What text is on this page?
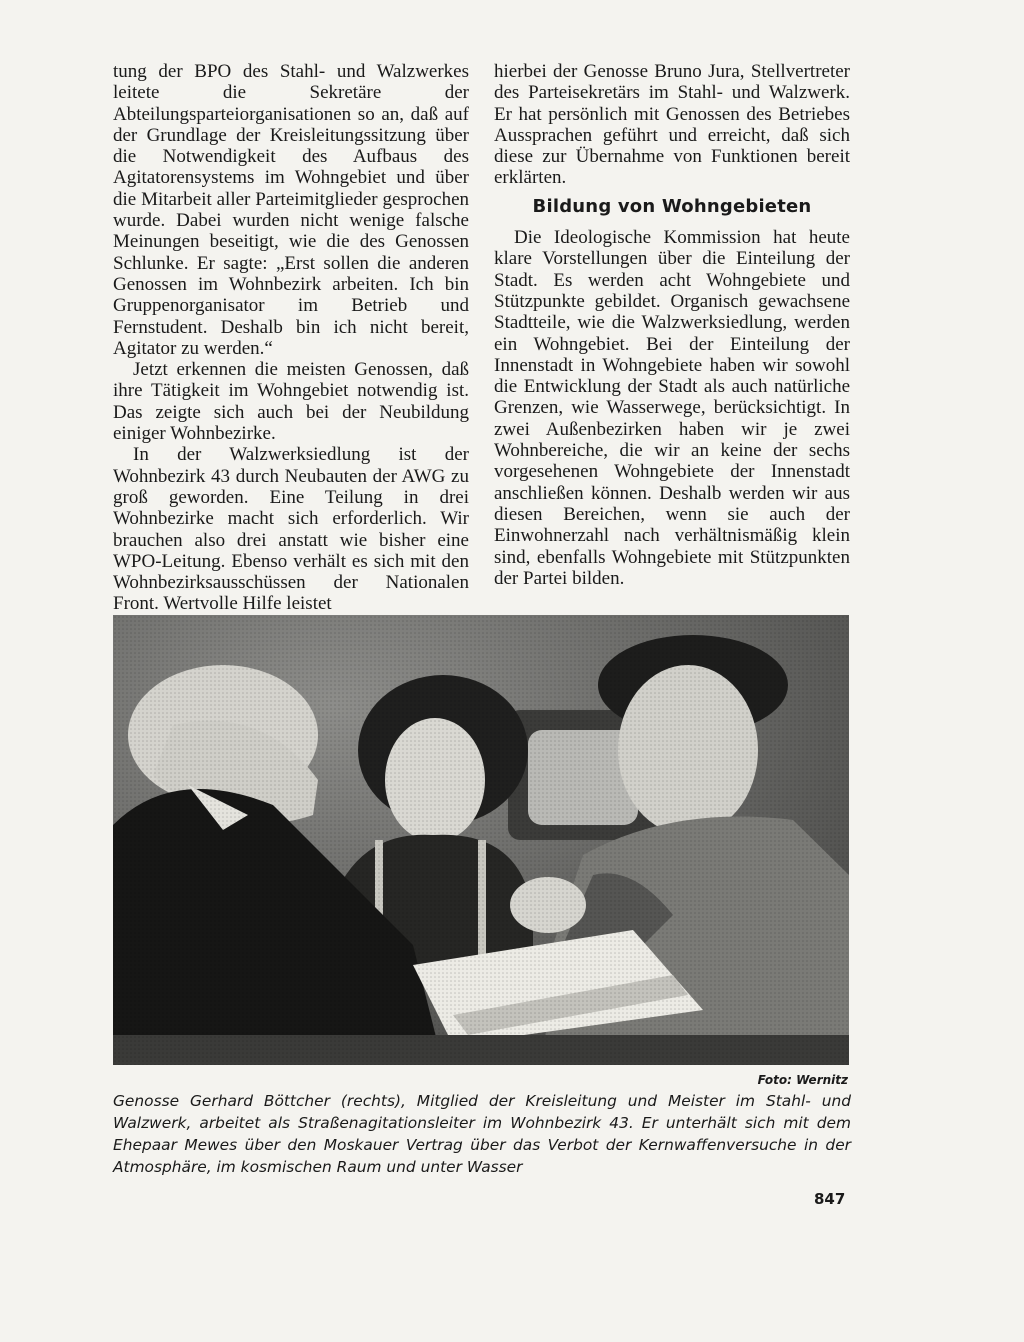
tung der BPO des Stahl- und Walzwerkes leitete die Sekretäre der Abteilungsparteiorganisationen so an, daß auf der Grundlage der Kreisleitungssitzung über die Notwendigkeit des Aufbaus des Agitatorensystems im Wohngebiet und über die Mitarbeit aller Parteimitglieder gesprochen wurde. Dabei wurden nicht wenige falsche Meinungen beseitigt, wie die des Genossen Schlunke. Er sagte: „Erst sollen die anderen Genossen im Wohnbezirk arbeiten. Ich bin Gruppenorganisator im Betrieb und Fernstudent. Deshalb bin ich nicht bereit, Agitator zu werden.“

Jetzt erkennen die meisten Genossen, daß ihre Tätigkeit im Wohngebiet notwendig ist. Das zeigte sich auch bei der Neubildung einiger Wohnbezirke.

In der Walzwerksiedlung ist der Wohnbezirk 43 durch Neubauten der AWG zu groß geworden. Eine Teilung in drei Wohnbezirke macht sich erforderlich. Wir brauchen also drei anstatt wie bisher eine WPO-Leitung. Ebenso verhält es sich mit den Wohnbezirksausschüssen der Nationalen Front. Wertvolle Hilfe leistet

hierbei der Genosse Bruno Jura, Stellvertreter des Parteisekretärs im Stahl- und Walzwerk. Er hat persönlich mit Genossen des Betriebes Aussprachen geführt und erreicht, daß sich diese zur Übernahme von Funktionen bereit erklärten.

Bildung von Wohngebieten

Die Ideologische Kommission hat heute klare Vorstellungen über die Einteilung der Stadt. Es werden acht Wohngebiete und Stützpunkte gebildet. Organisch gewachsene Stadtteile, wie die Walzwerksiedlung, werden ein Wohngebiet. Bei der Einteilung der Innenstadt in Wohngebiete haben wir sowohl die Entwicklung der Stadt als auch natürliche Grenzen, wie Wasserwege, berücksichtigt. In zwei Außenbezirken haben wir je zwei Wohnbereiche, die wir an keine der sechs vorgesehenen Wohngebiete der Innenstadt anschließen können. Deshalb werden wir aus diesen Bereichen, wenn sie auch der Einwohnerzahl nach verhältnismäßig klein sind, ebenfalls Wohngebiete mit Stützpunkten der Partei bilden.

Foto: Wernitz

Genosse Gerhard Böttcher (rechts), Mitglied der Kreisleitung und Meister im Stahl- und Walzwerk, arbeitet als Straßenagitationsleiter im Wohnbezirk 43. Er unterhält sich mit dem Ehepaar Mewes über den Moskauer Vertrag über das Verbot der Kernwaffenversuche in der Atmosphäre, im kosmischen Raum und unter Wasser

847
